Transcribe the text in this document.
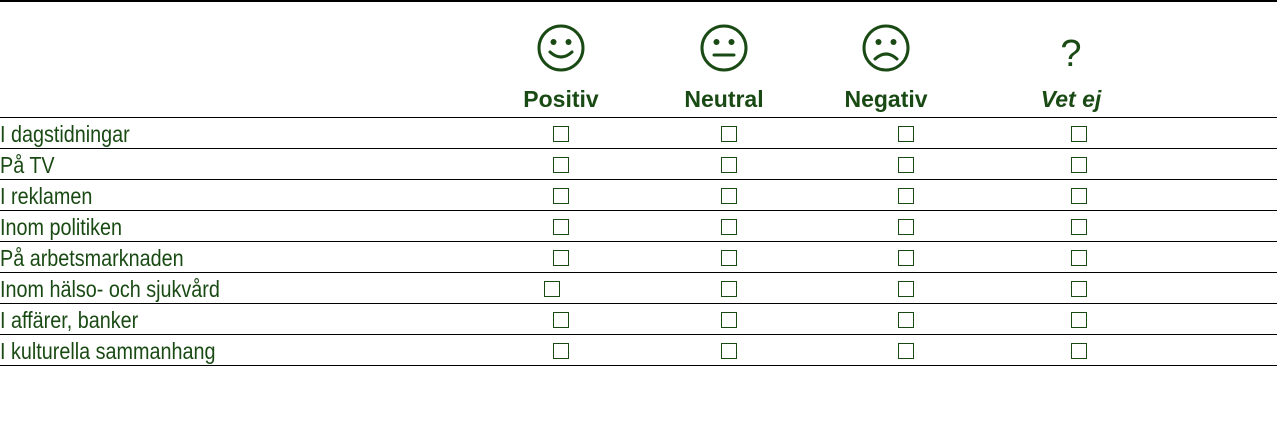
?
Positiv	Neutral	Negativ	Vet ej
I dagstidningar
På TV
I reklamen
Inom politiken
På arbetsmarknaden
Inom hälso- och sjukvård
I affärer, banker
I kulturella sammanhang
